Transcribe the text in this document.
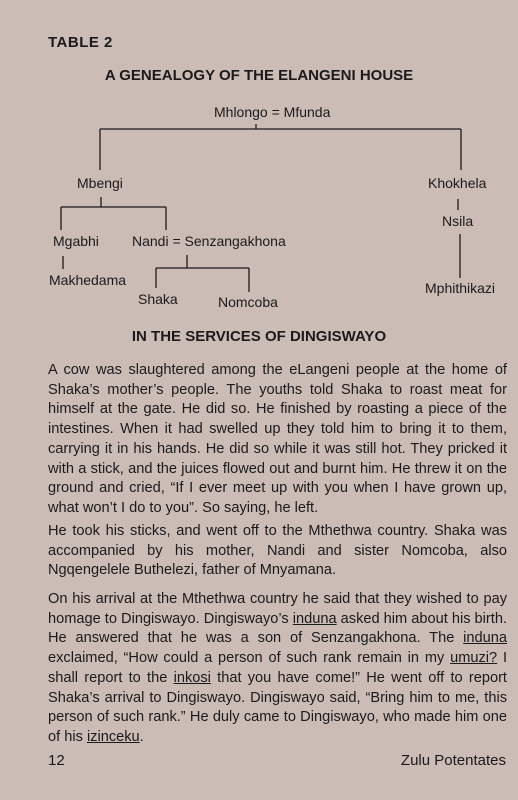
TABLE 2
A GENEALOGY OF THE ELANGENI HOUSE
Mhlongo = Mfunda
Mbengi	Khokhela
Nsila
Mgabhi Nandi = Senzangakhona
Makhedama	Mphithikazi
Shaka	Nomcoba
IN THE SERVICES OF DINGISWAYO

A cow was slaughtered among the eLangeni people at the home of Shaka’s mother’s people. The youths told Shaka to roast meat for himself at the gate. He did so. He finished by roasting a piece of the intestines. When it had swelled up they told him to bring it to them, carrying it in his hands. He did so while it was still hot. They pricked it with a stick, and the juices flowed out and burnt him. He threw it on the ground and cried, “If I ever meet up with you when I have grown up, what won’t I do to you”. So saying, he left.

He took his sticks, and went off to the Mthethwa country. Shaka was accompanied by his mother, Nandi and sister Nomcoba, also Ngqengelele Buthelezi, father of Mnyamana.

On his arrival at the Mthethwa country he said that they wished to pay homage to Dingiswayo. Dingiswayo’s induna asked him about his birth. He answered that he was a son of Senzangakhona. The induna exclaimed, “How could a person of such rank remain in my umuzi? I shall report to the inkosi that you have come!” He went off to report Shaka’s arrival to Dingiswayo. Dingiswayo said, “Bring him to me, this person of such rank.” He duly came to Dingiswayo, who made him one of his izinceku.

12	Zulu Potentates
